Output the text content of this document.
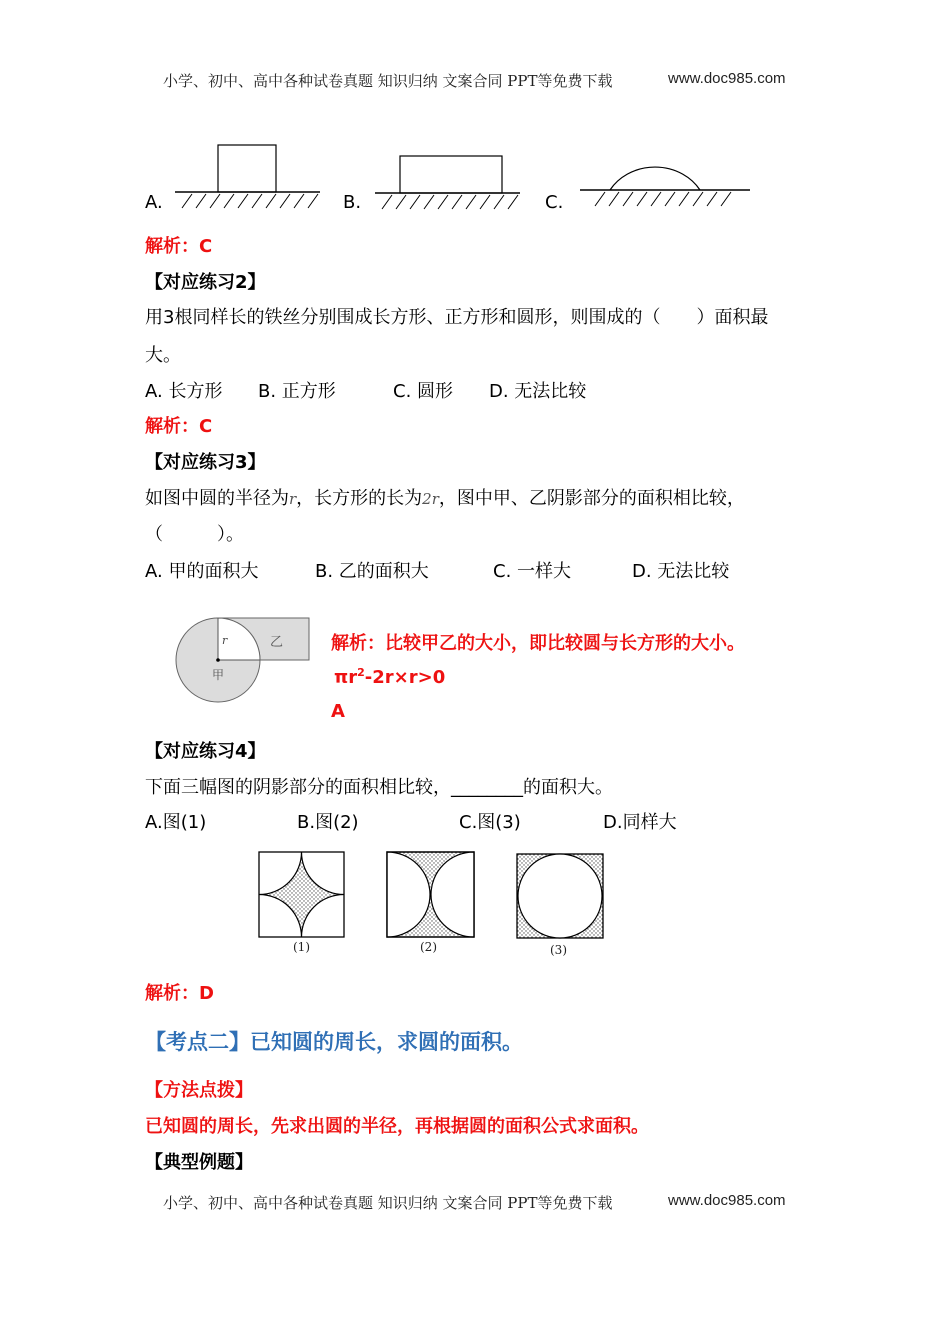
小学、初中、高中各种试卷真题 知识归纳 文案合同 PPT等免费下载	www.doc985.com
A.	B.	C.
解析：C
【对应练习2】
用3根同样长的铁丝分别围成长方形、正方形和圆形，则围成的（　　）面积最
大。
A. 长方形 B. 正方形	C. 圆形 D. 无法比较
解析：C
【对应练习3】
如图中圆的半径为r，长方形的长为2r，图中甲、乙阴影部分的面积相比较，
（　　　）。
A. 甲的面积大	B. 乙的面积大	C. 一样大	D. 无法比较
r	乙
甲
解析：比较甲乙的大小，即比较圆与长方形的大小。
$\pi r^2-2r\times r>0$
A
【对应练习4】
下面三幅图的阴影部分的面积相比较，________的面积大。
A.图(1)	B.图(2)	C.图(3)	D.同样大
(1)	(2)	(3)
解析：D
【考点二】已知圆的周长，求圆的面积。
【方法点拨】
已知圆的周长，先求出圆的半径，再根据圆的面积公式求面积。
【典型例题】
小学、初中、高中各种试卷真题 知识归纳 文案合同 PPT等免费下载	www.doc985.com
